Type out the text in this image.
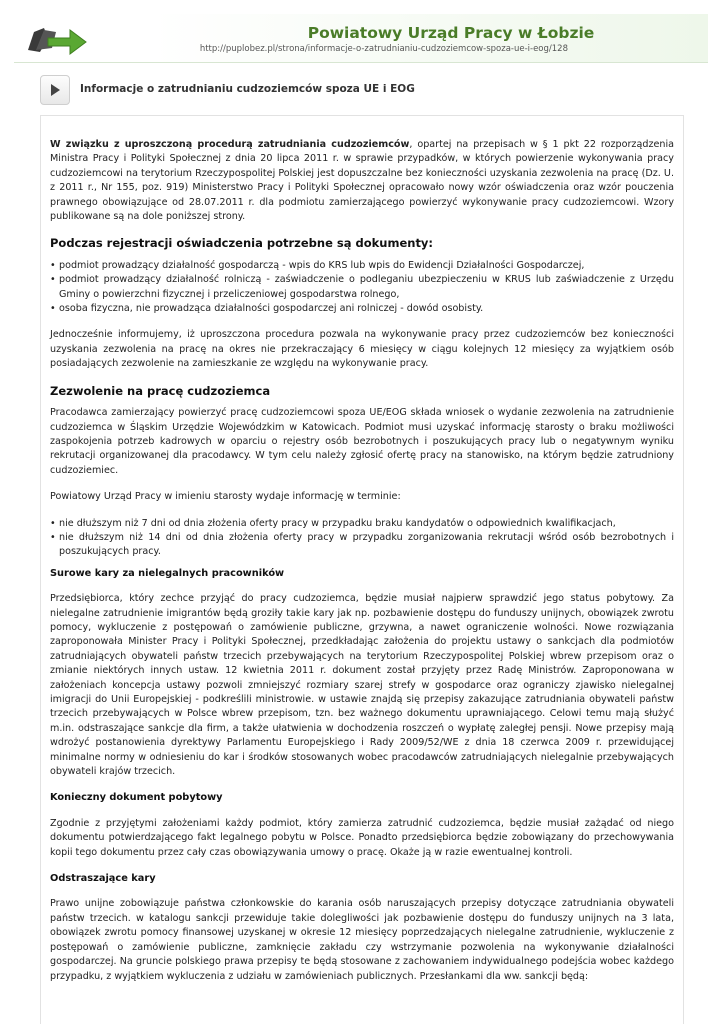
Powiatowy Urząd Pracy w Łobzie
http://puplobez.pl/strona/informacje-o-zatrudnianiu-cudzoziemcow-spoza-ue-i-eog/128
Informacje o zatrudnianiu cudzoziemców spoza UE i EOG

W związku z uproszczoną procedurą zatrudniania cudzoziemców, opartej na przepisach w § 1 pkt 22 rozporządzenia Ministra Pracy i Polityki Społecznej z dnia 20 lipca 2011 r. w sprawie przypadków, w których powierzenie wykonywania pracy cudzoziemcowi na terytorium Rzeczypospolitej Polskiej jest dopuszczalne bez konieczności uzyskania zezwolenia na pracę (Dz. U. z 2011 r., Nr 155, poz. 919) Ministerstwo Pracy i Polityki Społecznej opracowało nowy wzór oświadczenia oraz wzór pouczenia prawnego obowiązujące od 28.07.2011 r. dla podmiotu zamierzającego powierzyć wykonywanie pracy cudzoziemcowi. Wzory publikowane są na dole poniższej strony.

Podczas rejestracji oświadczenia potrzebne są dokumenty:
• podmiot prowadzący działalność gospodarczą - wpis do KRS lub wpis do Ewidencji Działalności Gospodarczej,
• podmiot prowadzący działalność rolniczą - zaświadczenie o podleganiu ubezpieczeniu w KRUS lub zaświadczenie z Urzędu Gminy o powierzchni fizycznej i przeliczeniowej gospodarstwa rolnego,
• osoba fizyczna, nie prowadząca działalności gospodarczej ani rolniczej - dowód osobisty.

Jednocześnie informujemy, iż uproszczona procedura pozwala na wykonywanie pracy przez cudzoziemców bez konieczności uzyskania zezwolenia na pracę na okres nie przekraczający 6 miesięcy w ciągu kolejnych 12 miesięcy za wyjątkiem osób posiadających zezwolenie na zamieszkanie ze względu na wykonywanie pracy.

Zezwolenie na pracę cudzoziemca

Pracodawca zamierzający powierzyć pracę cudzoziemcowi spoza UE/EOG składa wniosek o wydanie zezwolenia na zatrudnienie cudzoziemca w Śląskim Urzędzie Wojewódzkim w Katowicach. Podmiot musi uzyskać informację starosty o braku możliwości zaspokojenia potrzeb kadrowych w oparciu o rejestry osób bezrobotnych i poszukujących pracy lub o negatywnym wyniku rekrutacji organizowanej dla pracodawcy. W tym celu należy zgłosić ofertę pracy na stanowisko, na którym będzie zatrudniony cudzoziemiec.

Powiatowy Urząd Pracy w imieniu starosty wydaje informację w terminie:

• nie dłuższym niż 7 dni od dnia złożenia oferty pracy w przypadku braku kandydatów o odpowiednich kwalifikacjach,
• nie dłuższym niż 14 dni od dnia złożenia oferty pracy w przypadku zorganizowania rekrutacji wśród osób bezrobotnych i poszukujących pracy.
Surowe kary za nielegalnych pracowników

Przedsiębiorca, który zechce przyjąć do pracy cudzoziemca, będzie musiał najpierw sprawdzić jego status pobytowy. Za nielegalne zatrudnienie imigrantów będą groziły takie kary jak np. pozbawienie dostępu do funduszy unijnych, obowiązek zwrotu pomocy, wykluczenie z postępowań o zamówienie publiczne, grzywna, a nawet ograniczenie wolności. Nowe rozwiązania zaproponowała Minister Pracy i Polityki Społecznej, przedkładając założenia do projektu ustawy o sankcjach dla podmiotów zatrudniających obywateli państw trzecich przebywających na terytorium Rzeczypospolitej Polskiej wbrew przepisom oraz o zmianie niektórych innych ustaw. 12 kwietnia 2011 r. dokument został przyjęty przez Radę Ministrów. Zaproponowana w założeniach koncepcja ustawy pozwoli zmniejszyć rozmiary szarej strefy w gospodarce oraz ograniczy zjawisko nielegalnej imigracji do Unii Europejskiej - podkreślili ministrowie. w ustawie znajdą się przepisy zakazujące zatrudniania obywateli państw trzecich przebywających w Polsce wbrew przepisom, tzn. bez ważnego dokumentu uprawniającego. Celowi temu mają służyć m.in. odstraszające sankcje dla firm, a także ułatwienia w dochodzenia roszczeń o wypłatę zaległej pensji. Nowe przepisy mają wdrożyć postanowienia dyrektywy Parlamentu Europejskiego i Rady 2009/52/WE z dnia 18 czerwca 2009 r. przewidującej minimalne normy w odniesieniu do kar i środków stosowanych wobec pracodawców zatrudniających nielegalnie przebywających obywateli krajów trzecich.

Konieczny dokument pobytowy

Zgodnie z przyjętymi założeniami każdy podmiot, który zamierza zatrudnić cudzoziemca, będzie musiał zażądać od niego dokumentu potwierdzającego fakt legalnego pobytu w Polsce. Ponadto przedsiębiorca będzie zobowiązany do przechowywania kopii tego dokumentu przez cały czas obowiązywania umowy o pracę. Okaże ją w razie ewentualnej kontroli.

Odstraszające kary

Prawo unijne zobowiązuje państwa członkowskie do karania osób naruszających przepisy dotyczące zatrudniania obywateli państw trzecich. w katalogu sankcji przewiduje takie dolegliwości jak pozbawienie dostępu do funduszy unijnych na 3 lata, obowiązek zwrotu pomocy finansowej uzyskanej w okresie 12 miesięcy poprzedzających nielegalne zatrudnienie, wykluczenie z postępowań o zamówienie publiczne, zamknięcie zakładu czy wstrzymanie pozwolenia na wykonywanie działalności gospodarczej. Na gruncie polskiego prawa przepisy te będą stosowane z zachowaniem indywidualnego podejścia wobec każdego przypadku, z wyjątkiem wykluczenia z udziału w zamówieniach publicznych. Przesłankami dla ww. sankcji będą:
